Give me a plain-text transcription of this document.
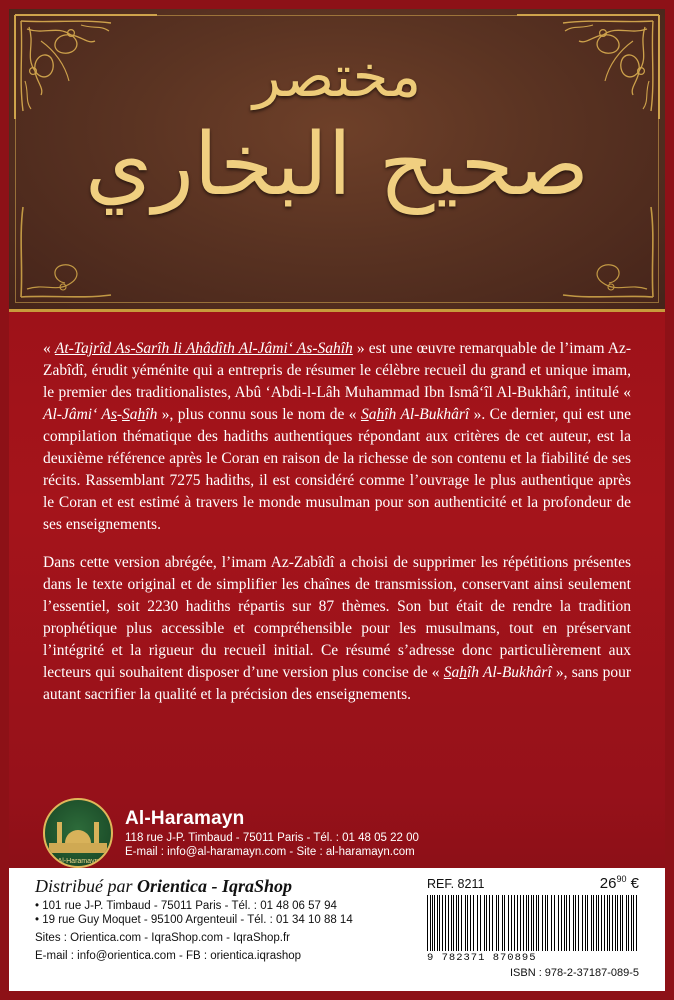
مختصر
صحيح البخاري

« At-Tajrîd As-Sarîh li Ahâdîth Al-Jâmi‘ As-Sahîh » est une œuvre remarquable de l’imam Az-Zabîdî, érudit yéménite qui a entrepris de résumer le célèbre recueil du grand et unique imam, le premier des traditionalistes, Abû ‘Abdi-l-Lâh Muhammad Ibn Ismâ‘îl Al-Bukhârî, intitulé « Al-Jâmi‘ As-Sahîh », plus connu sous le nom de « Sahîh Al-Bukhârî ». Ce dernier, qui est une compilation thématique des hadiths authentiques répondant aux critères de cet auteur, est la deuxième référence après le Coran en raison de la richesse de son contenu et la fiabilité de ses récits. Rassemblant 7275 hadiths, il est considéré comme l’ouvrage le plus authentique après le Coran et est estimé à travers le monde musulman pour son authenticité et la profondeur de ses enseignements.

Dans cette version abrégée, l’imam Az-Zabîdî a choisi de supprimer les répétitions présentes dans le texte original et de simplifier les chaînes de transmission, conservant ainsi seulement l’essentiel, soit 2230 hadiths répartis sur 87 thèmes. Son but était de rendre la tradition prophétique plus accessible et compréhensible pour les musulmans, tout en préservant l’intégrité et la rigueur du recueil initial. Ce résumé s’adresse donc particulièrement aux lecteurs qui souhaitent disposer d’une version plus concise de « Sahîh Al-Bukhârî », sans pour autant sacrifier la qualité et la précision des enseignements.

Al-Haramayn
Al-Haramayn
118 rue J-P. Timbaud - 75011 Paris - Tél. : 01 48 05 22 00
E-mail : info@al-haramayn.com - Site : al-haramayn.com
Distribué par Orientica - IqraShop
• 101 rue J-P. Timbaud - 75011 Paris - Tél. : 01 48 06 57 94
• 19 rue Guy Moquet - 95100 Argenteuil - Tél. : 01 34 10 88 14
Sites : Orientica.com - IqraShop.com - IqraShop.fr
E-mail : info@orientica.com - FB : orientica.iqrashop
REF. 8211	$26^{90}$ €
9 782371 870895
ISBN : 978-2-37187-089-5
